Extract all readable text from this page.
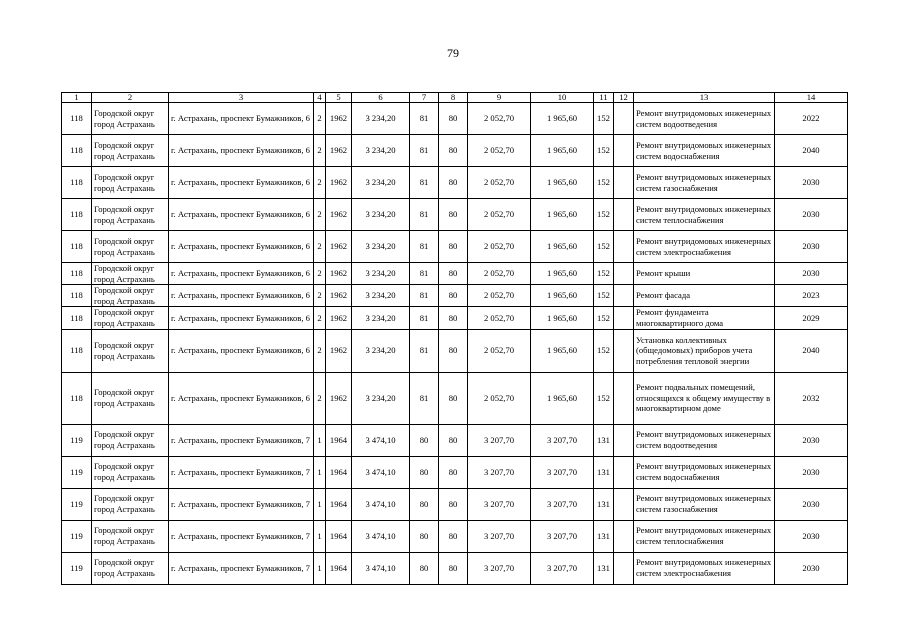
79
1	2	3	4	5	6	7	8	9	10	11	12	13	14
118	Городской округ город Астрахань	г. Астрахань, проспект Бумажников, 6	2	1962	3 234,20	81	80	2 052,70	1 965,60	152		Ремонт внутридомовых инженерных систем водоотведения	2022
118	Городской округ город Астрахань	г. Астрахань, проспект Бумажников, 6	2	1962	3 234,20	81	80	2 052,70	1 965,60	152		Ремонт внутридомовых инженерных систем водоснабжения	2040
118	Городской округ город Астрахань	г. Астрахань, проспект Бумажников, 6	2	1962	3 234,20	81	80	2 052,70	1 965,60	152		Ремонт внутридомовых инженерных систем газоснабжения	2030
118	Городской округ город Астрахань	г. Астрахань, проспект Бумажников, 6	2	1962	3 234,20	81	80	2 052,70	1 965,60	152		Ремонт внутридомовых инженерных систем теплоснабжения	2030
118	Городской округ город Астрахань	г. Астрахань, проспект Бумажников, 6	2	1962	3 234,20	81	80	2 052,70	1 965,60	152		Ремонт внутридомовых инженерных систем электроснабжения	2030
118	Городской округ город Астрахань	г. Астрахань, проспект Бумажников, 6	2	1962	3 234,20	81	80	2 052,70	1 965,60	152		Ремонт крыши	2030
118	Городской округ город Астрахань	г. Астрахань, проспект Бумажников, 6	2	1962	3 234,20	81	80	2 052,70	1 965,60	152		Ремонт фасада	2023
118	Городской округ город Астрахань	г. Астрахань, проспект Бумажников, 6	2	1962	3 234,20	81	80	2 052,70	1 965,60	152		Ремонт фундамента многоквартирного дома	2029
118	Городской округ город Астрахань	г. Астрахань, проспект Бумажников, 6	2	1962	3 234,20	81	80	2 052,70	1 965,60	152		Установка коллективных (общедомовых) приборов учета потребления тепловой энергии	2040
118	Городской округ город Астрахань	г. Астрахань, проспект Бумажников, 6	2	1962	3 234,20	81	80	2 052,70	1 965,60	152		Ремонт подвальных помещений, относящихся к общему имуществу в многоквартирном доме	2032
119	Городской округ город Астрахань	г. Астрахань, проспект Бумажников, 7	1	1964	3 474,10	80	80	3 207,70	3 207,70	131		Ремонт внутридомовых инженерных систем водоотведения	2030
119	Городской округ город Астрахань	г. Астрахань, проспект Бумажников, 7	1	1964	3 474,10	80	80	3 207,70	3 207,70	131		Ремонт внутридомовых инженерных систем водоснабжения	2030
119	Городской округ город Астрахань	г. Астрахань, проспект Бумажников, 7	1	1964	3 474,10	80	80	3 207,70	3 207,70	131		Ремонт внутридомовых инженерных систем газоснабжения	2030
119	Городской округ город Астрахань	г. Астрахань, проспект Бумажников, 7	1	1964	3 474,10	80	80	3 207,70	3 207,70	131		Ремонт внутридомовых инженерных систем теплоснабжения	2030
119	Городской округ город Астрахань	г. Астрахань, проспект Бумажников, 7	1	1964	3 474,10	80	80	3 207,70	3 207,70	131		Ремонт внутридомовых инженерных систем электроснабжения	2030
